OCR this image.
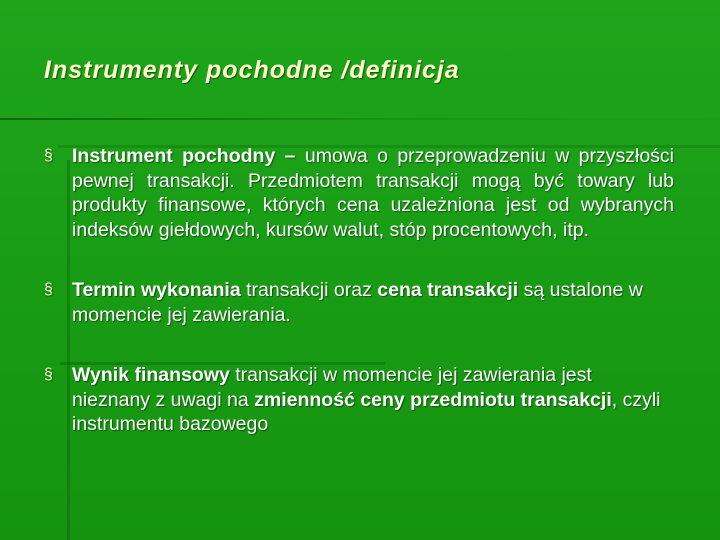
Instrumenty pochodne /definicja
§ Instrument pochodny – umowa o przeprowadzeniu w przyszłości pewnej transakcji. Przedmiotem transakcji mogą być towary lub produkty finansowe, których cena uzależniona jest od wybranych indeksów giełdowych, kursów walut, stóp procentowych, itp.
§ Termin wykonania transakcji oraz cena transakcji są ustalone w momencie jej zawierania.
§ Wynik finansowy transakcji w momencie jej zawierania jest nieznany z uwagi na zmienność ceny przedmiotu transakcji, czyli instrumentu bazowego
